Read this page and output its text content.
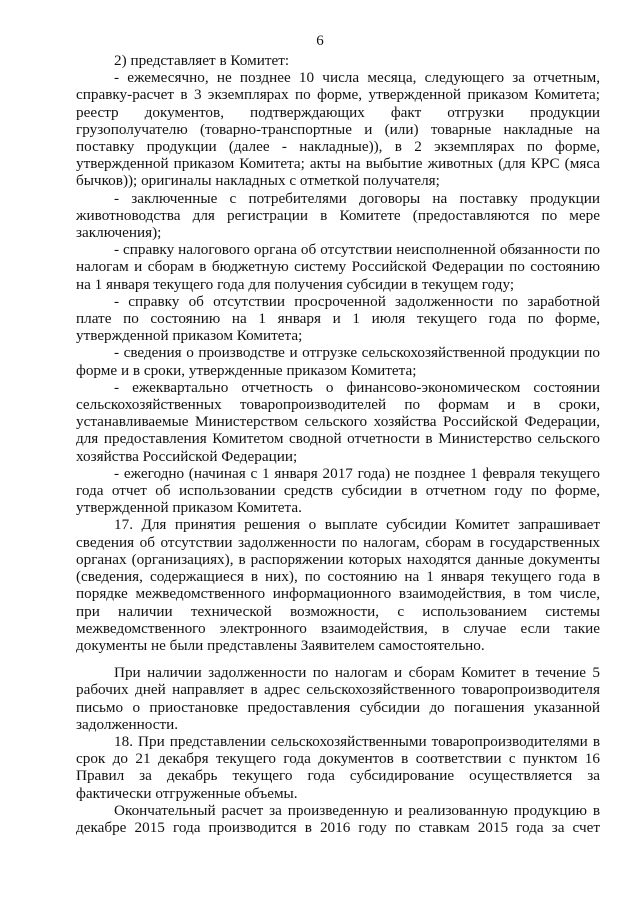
6

2) представляет в Комитет:

- ежемесячно, не позднее 10 числа месяца, следующего за отчетным, справку-расчет в 3 экземплярах по форме, утвержденной приказом Комитета; реестр документов, подтверждающих факт отгрузки продукции грузополучателю (товарно-транспортные и (или) товарные накладные на поставку продукции (далее - накладные)), в 2 экземплярах по форме, утвержденной приказом Комитета; акты на выбытие животных (для КРС (мяса бычков)); оригиналы накладных с отметкой получателя;

- заключенные с потребителями договоры на поставку продукции животноводства для регистрации в Комитете (предоставляются по мере заключения);

- справку налогового органа об отсутствии неисполненной обязанности по налогам и сборам в бюджетную систему Российской Федерации по состоянию на 1 января текущего года для получения субсидии в текущем году;

- справку об отсутствии просроченной задолженности по заработной плате по состоянию на 1 января и 1 июля текущего года по форме, утвержденной приказом Комитета;

- сведения о производстве и отгрузке сельскохозяйственной продукции по форме и в сроки, утвержденные приказом Комитета;

- ежеквартально отчетность о финансово-экономическом состоянии сельскохозяйственных товаропроизводителей по формам и в сроки, устанавливаемые Министерством сельского хозяйства Российской Федерации, для предоставления Комитетом сводной отчетности в Министерство сельского хозяйства Российской Федерации;

- ежегодно (начиная с 1 января 2017 года) не позднее 1 февраля текущего года отчет об использовании средств субсидии в отчетном году по форме, утвержденной приказом Комитета.

17. Для принятия решения о выплате субсидии Комитет запрашивает сведения об отсутствии задолженности по налогам, сборам в государственных органах (организациях), в распоряжении которых находятся данные документы (сведения, содержащиеся в них), по состоянию на 1 января текущего года в порядке межведомственного информационного взаимодействия, в том числе, при наличии технической возможности, с использованием системы межведомственного электронного взаимодействия, в случае если такие документы не были представлены Заявителем самостоятельно.

При наличии задолженности по налогам и сборам Комитет в течение 5 рабочих дней направляет в адрес сельскохозяйственного товаропроизводителя письмо о приостановке предоставления субсидии до погашения указанной задолженности.

18. При представлении сельскохозяйственными товаропроизводителями в срок до 21 декабря текущего года документов в соответствии с пунктом 16 Правил за декабрь текущего года субсидирование осуществляется за фактически отгруженные объемы.

Окончательный расчет за произведенную и реализованную продукцию в декабре 2015 года производится в 2016 году по ставкам 2015 года за счет
